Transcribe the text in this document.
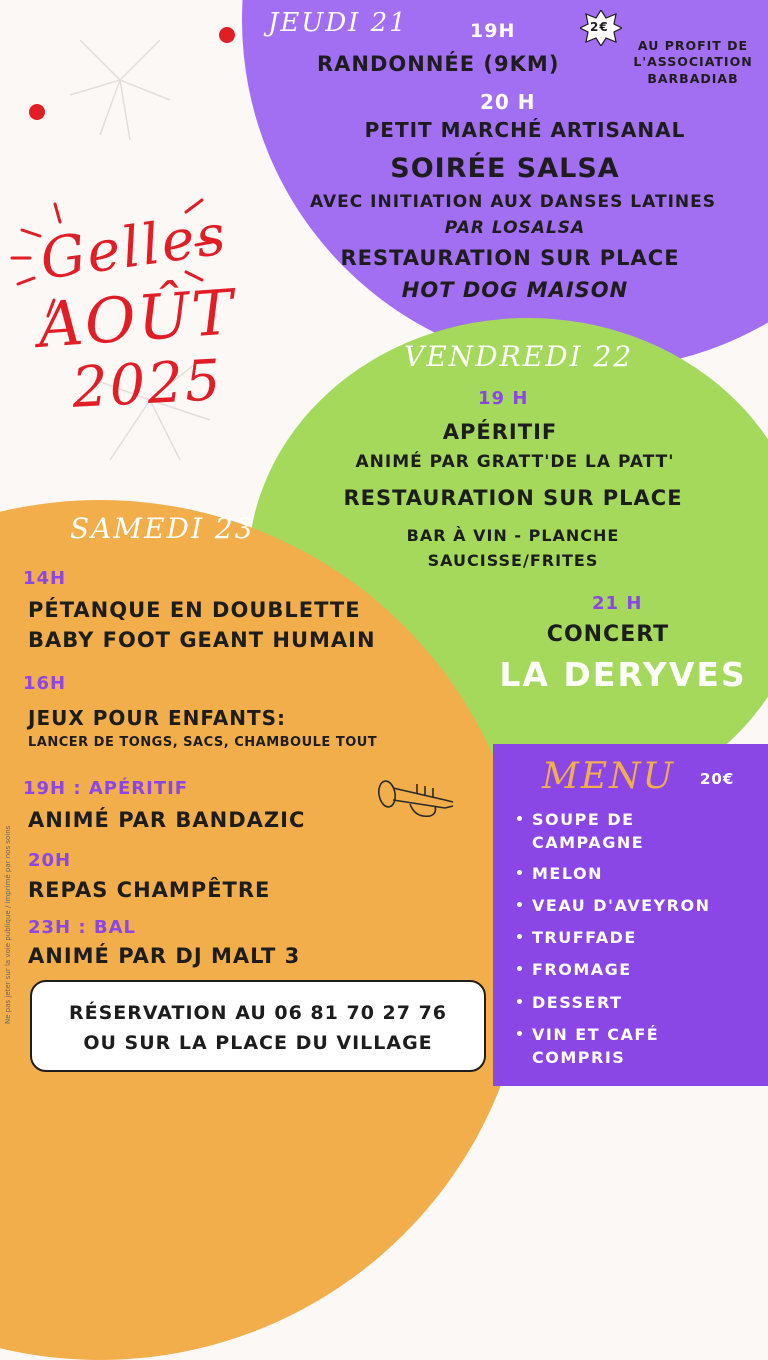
Gelles
AOÛT
2025
JEUDI 21	19H	2€
AU PROFIT DE
L'ASSOCIATION
BARBADIAB
RANDONNÉE (9KM)
20 H
PETIT MARCHÉ ARTISANAL
SOIRÉE SALSA
AVEC INITIATION AUX DANSES LATINES
PAR LOSALSA
RESTAURATION SUR PLACE
HOT DOG MAISON
VENDREDI 22
19 H
APÉRITIF
ANIMÉ PAR GRATT'DE LA PATT'
RESTAURATION SUR PLACE
BAR À VIN - PLANCHE
SAUCISSE/FRITES
21 H
CONCERT
LA DERYVES
SAMEDI 23
14H
PÉTANQUE EN DOUBLETTE
BABY FOOT GEANT HUMAIN
16H
JEUX POUR ENFANTS:
LANCER DE TONGS, SACS, CHAMBOULE TOUT
19H : APÉRITIF
ANIMÉ PAR BANDAZIC
20H
REPAS CHAMPÊTRE
23H : BAL
ANIMÉ PAR DJ MALT 3
Ne pas jeter sur la voie publique / imprimé par nos soins	RÉSERVATION AU 06 81 70 27 76
OU SUR LA PLACE DU VILLAGE
MENU 20€
SOUPE DE
CAMPAGNE
MELON
VEAU D'AVEYRON
TRUFFADE
FROMAGE
DESSERT
VIN ET CAFÉ
COMPRIS
